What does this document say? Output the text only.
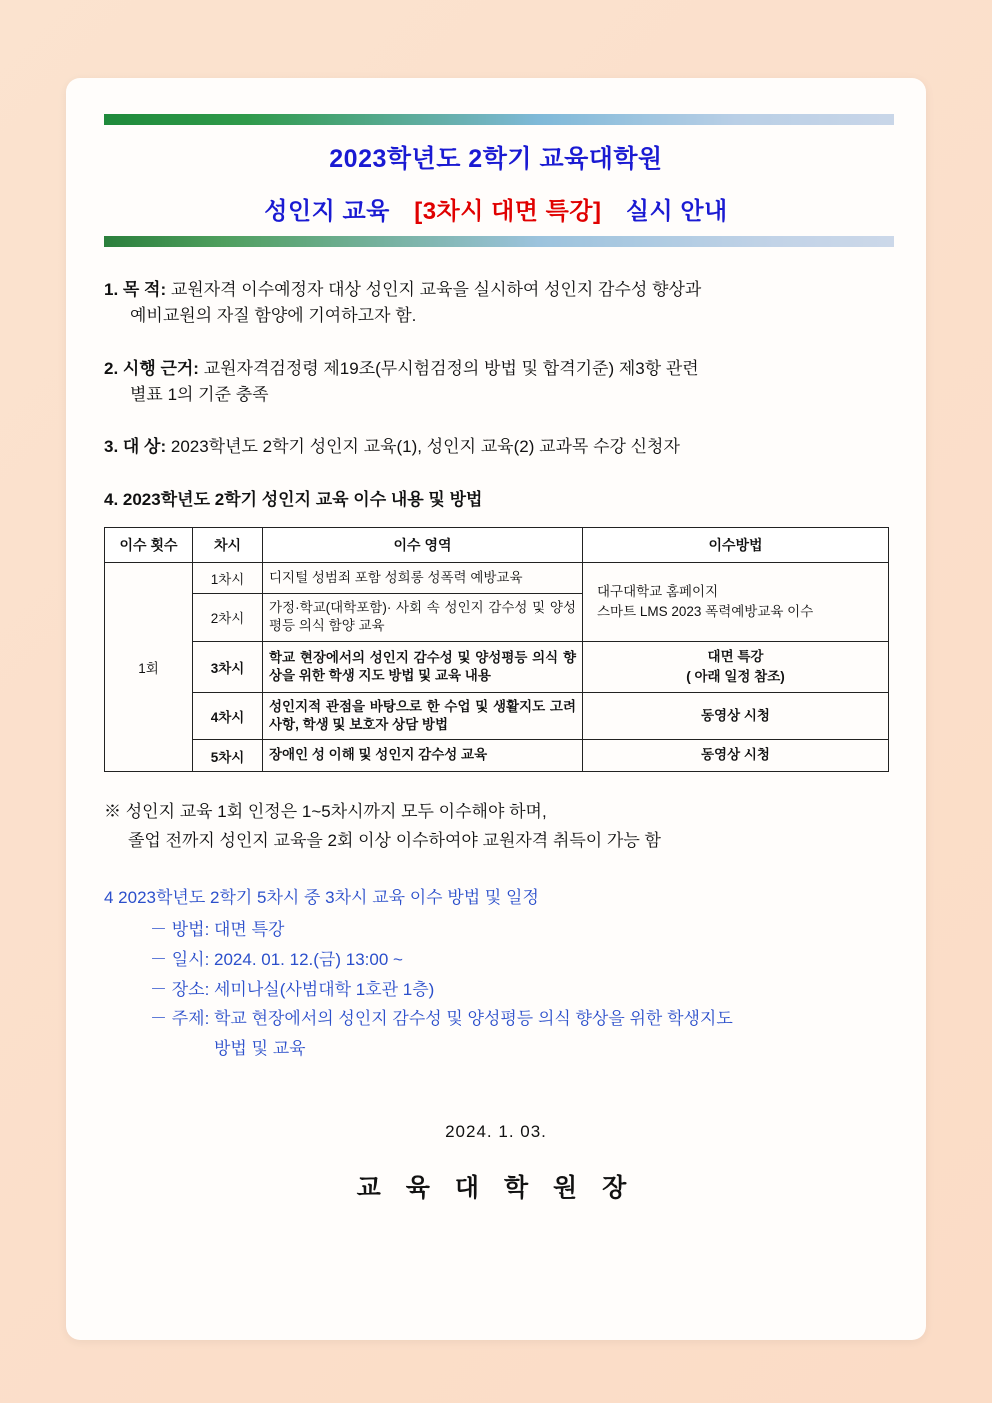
2023학년도 2학기 교육대학원
성인지 교육 [3차시 대면 특강] 실시 안내
1. 목 적: 교원자격 이수예정자 대상 성인지 교육을 실시하여 성인지 감수성 향상과
예비교원의 자질 함양에 기여하고자 함.
2. 시행 근거: 교원자격검정령 제19조(무시험검정의 방법 및 합격기준) 제3항 관련
별표 1의 기준 충족
3. 대 상: 2023학년도 2학기 성인지 교육(1), 성인지 교육(2) 교과목 수강 신청자
4. 2023학년도 2학기 성인지 교육 이수 내용 및 방법
이수 횟수	차시	이수 영역	이수방법
1회	1차시	디지털 성범죄 포함 성희롱 성폭력 예방교육	대구대학교 홈페이지
스마트 LMS 2023 폭력예방교육 이수

	2차시	가정·학교(대학포함)· 사회 속 성인지 감수성 및 양성평등 의식 함양 교육	
	3차시	학교 현장에서의 성인지 감수성 및 양성평등 의식 향상을 위한 학생 지도 방법 및 교육 내용	대면 특강
( 아래 일정 참조)

	4차시	성인지적 관점을 바탕으로 한 수업 및 생활지도 고려사항, 학생 및 보호자 상담 방법	동영상 시청
	5차시	장애인 성 이해 및 성인지 감수성 교육	동영상 시청
※ 성인지 교육 1회 인정은 1~5차시까지 모두 이수해야 하며,
졸업 전까지 성인지 교육을 2회 이상 이수하여야 교원자격 취득이 가능 함
4 2023학년도 2학기 5차시 중 3차시 교육 이수 방법 및 일정
－ 방법: 대면 특강
－ 일시: 2024. 01. 12.(금) 13:00 ~
－ 장소: 세미나실(사범대학 1호관 1층)
－ 주제: 학교 현장에서의 성인지 감수성 및 양성평등 의식 향상을 위한 학생지도
방법 및 교육
2024. 1. 03.
교 육 대 학 원 장
